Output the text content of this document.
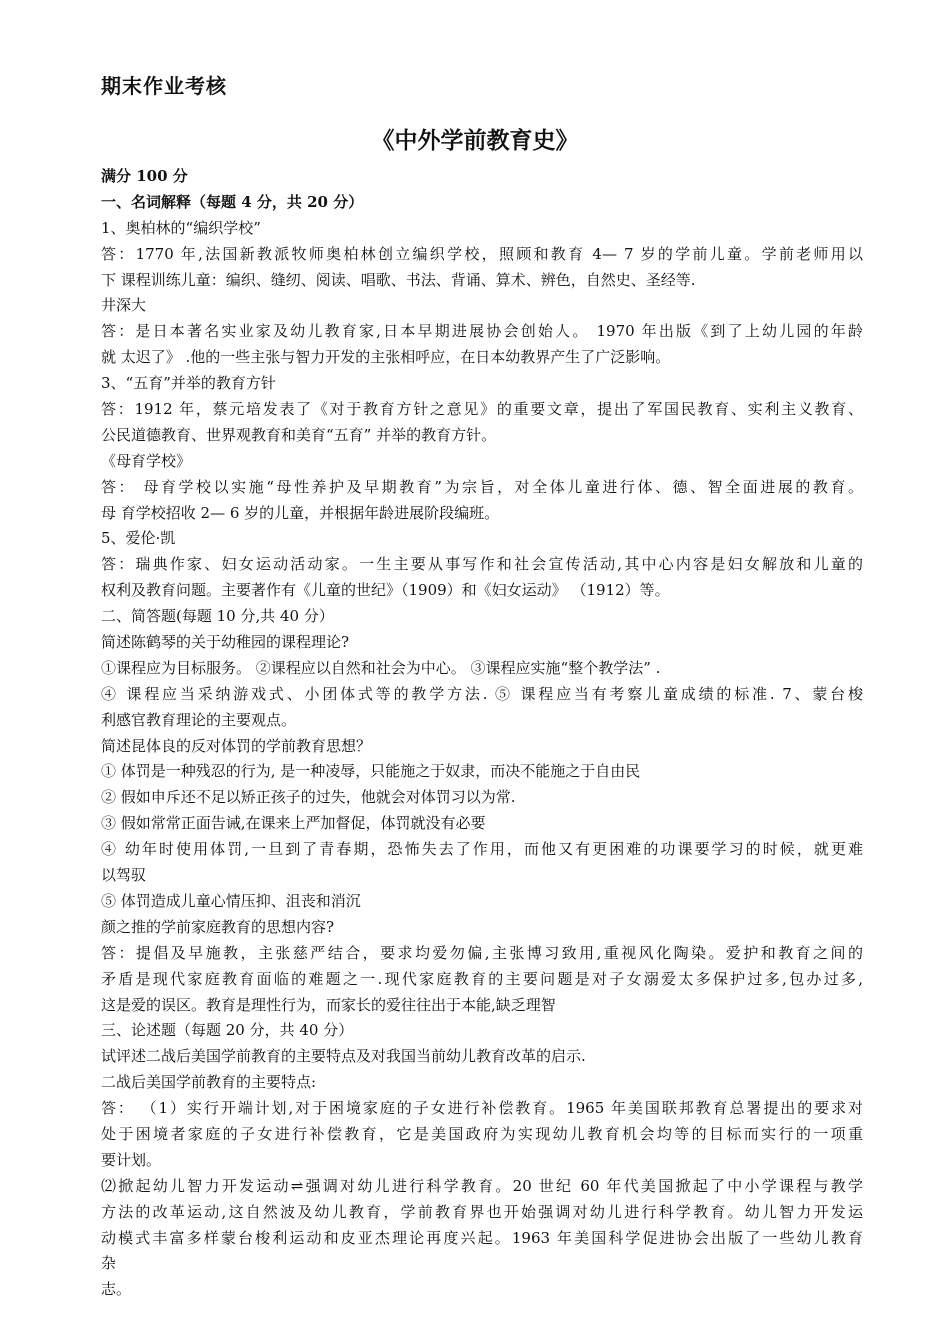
期末作业考核
《中外学前教育史》
满分 100 分
一、名词解释（每题 4 分，共 20 分）
1、奥柏林的“编织学校”
答：1770 年,法国新教派牧师奥柏林创立编织学校，照顾和教育 4— 7 岁的学前儿童。学前老师用以
下 课程训练儿童：编织、缝纫、阅读、唱歌、书法、背诵、算术、辨色，自然史、圣经等.
井深大
答：是日本著名实业家及幼儿教育家,日本早期进展协会创始人。 1970 年出版《到了上幼儿园的年龄
就 太迟了》 .他的一些主张与智力开发的主张相呼应，在日本幼教界产生了广泛影响。
3、“五育”并举的教育方针
答：1912 年，蔡元培发表了《对于教育方针之意见》的重要文章，提出了军国民教育、实利主义教育、
公民道德教育、世界观教育和美育“五育” 并举的教育方针。
《母育学校》
答： 母育学校以实施“母性养护及早期教育”为宗旨，对全体儿童进行体、德、智全面进展的教育。
母 育学校招收 2— 6 岁的儿童，并根据年龄进展阶段编班。
5、爱伦·凯
答：瑞典作家、妇女运动活动家。一生主要从事写作和社会宣传活动,其中心内容是妇女解放和儿童的
权利及教育问题。主要著作有《儿童的世纪》（1909）和《妇女运动》 （1912）等。
二、简答题(每题 10 分,共 40 分）
简述陈鹤琴的关于幼稚园的课程理论?
①课程应为目标服务。 ②课程应以自然和社会为中心。 ③课程应实施“整个教学法” .
④ 课程应当采纳游戏式、小团体式等的教学方法. ⑤ 课程应当有考察儿童成绩的标准. 7、蒙台梭
利感官教育理论的主要观点。
简述昆体良的反对体罚的学前教育思想？
① 体罚是一种残忍的行为, 是一种凌辱，只能施之于奴隶，而决不能施之于自由民
② 假如申斥还不足以矫正孩子的过失，他就会对体罚习以为常.
③ 假如常常正面告诫,在课来上严加督促，体罚就没有必要
④ 幼年时使用体罚,一旦到了青春期，恐怖失去了作用，而他又有更困难的功课要学习的时候，就更难
以驾驭
⑤ 体罚造成儿童心情压抑、沮丧和消沉
颜之推的学前家庭教育的思想内容?
答：提倡及早施教，主张慈严结合，要求均爱勿偏,主张博习致用,重视风化陶染。爱护和教育之间的
矛盾是现代家庭教育面临的难题之一.现代家庭教育的主要问题是对子女溺爱太多保护过多,包办过多,
这是爱的误区。教育是理性行为，而家长的爱往往出于本能,缺乏理智
三、论述题（每题 20 分，共 40 分）
试评述二战后美国学前教育的主要特点及对我国当前幼儿教育改革的启示.
二战后美国学前教育的主要特点:
答： （1）实行开端计划,对于困境家庭的子女进行补偿教育。1965 年美国联邦教育总署提出的要求对
处于困境者家庭的子女进行补偿教育，它是美国政府为实现幼儿教育机会均等的目标而实行的一项重
要计划。
⑵掀起幼儿智力开发运动⇌强调对幼儿进行科学教育。20 世纪 60 年代美国掀起了中小学课程与教学
方法的改革运动,这自然波及幼儿教育，学前教育界也开始强调对幼儿进行科学教育。幼儿智力开发运
动模式丰富多样蒙台梭利运动和皮亚杰理论再度兴起。1963 年美国科学促进协会出版了一些幼儿教育
杂
志。
